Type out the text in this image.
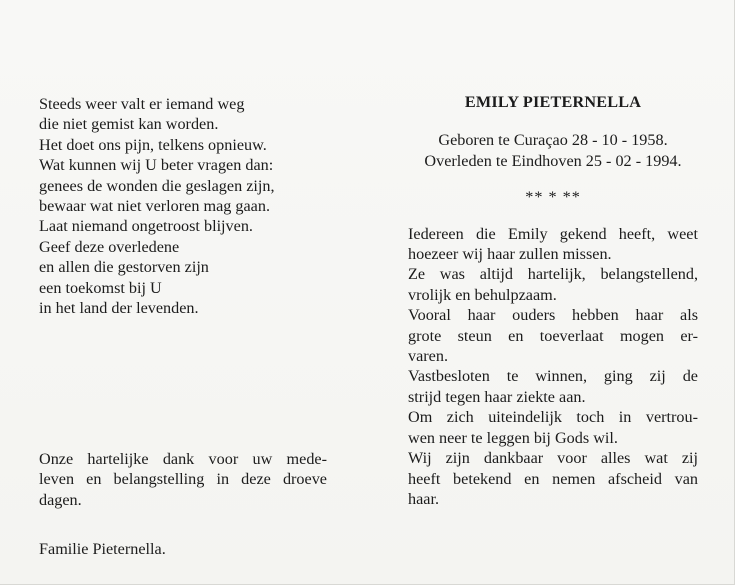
Steeds weer valt er iemand weg
die niet gemist kan worden.
Het doet ons pijn, telkens opnieuw.
Wat kunnen wij U beter vragen dan:
genees de wonden die geslagen zijn,
bewaar wat niet verloren mag gaan.
Laat niemand ongetroost blijven.
Geef deze overledene
en allen die gestorven zijn
een toekomst bij U
in het land der levenden.
Onze hartelijke dank voor uw mede-
leven en belangstelling in deze droeve
dagen.
Familie Pieternella.
EMILY PIETERNELLA
Geboren te Curaçao 28 - 10 - 1958.
Overleden te Eindhoven 25 - 02 - 1994.
** * **
Iedereen die Emily gekend heeft, weet
hoezeer wij haar zullen missen.
Ze was altijd hartelijk, belangstellend,
vrolijk en behulpzaam.
Vooral haar ouders hebben haar als
grote steun en toeverlaat mogen er-
varen.
Vastbesloten te winnen, ging zij de
strijd tegen haar ziekte aan.
Om zich uiteindelijk toch in vertrou-
wen neer te leggen bij Gods wil.
Wij zijn dankbaar voor alles wat zij
heeft betekend en nemen afscheid van
haar.
